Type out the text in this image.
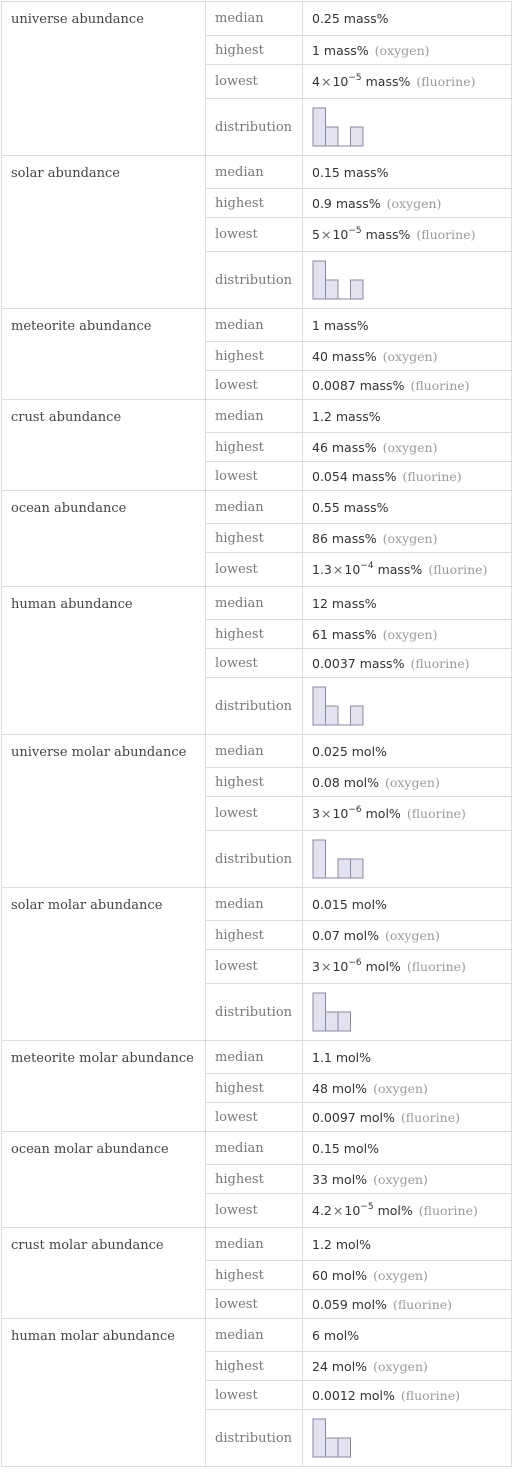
universe abundance	median	0.25 mass%
	highest	1 mass% (oxygen)
	lowest	$4\times 10^{-5}$ mass% (fluorine)
	distribution	

solar abundance	median	0.15 mass%
	highest	0.9 mass% (oxygen)
	lowest	$5\times 10^{-5}$ mass% (fluorine)
	distribution	

meteorite abundance	median	1 mass%
	highest	40 mass% (oxygen)
	lowest	0.0087 mass% (fluorine)
crust abundance	median	1.2 mass%
	highest	46 mass% (oxygen)
	lowest	0.054 mass% (fluorine)
ocean abundance	median	0.55 mass%
	highest	86 mass% (oxygen)
	lowest	$1.3\times 10^{-4}$ mass% (fluorine)
human abundance	median	12 mass%
	highest	61 mass% (oxygen)
	lowest	0.0037 mass% (fluorine)
	distribution	

universe molar abundance	median	0.025 mol%
	highest	0.08 mol% (oxygen)
	lowest	$3\times 10^{-6}$ mol% (fluorine)
	distribution	

solar molar abundance	median	0.015 mol%
	highest	0.07 mol% (oxygen)
	lowest	$3\times 10^{-6}$ mol% (fluorine)
	distribution	

meteorite molar abundance	median	1.1 mol%
	highest	48 mol% (oxygen)
	lowest	0.0097 mol% (fluorine)
ocean molar abundance	median	0.15 mol%
	highest	33 mol% (oxygen)
	lowest	$4.2\times 10^{-5}$ mol% (fluorine)
crust molar abundance	median	1.2 mol%
	highest	60 mol% (oxygen)
	lowest	0.059 mol% (fluorine)
human molar abundance	median	6 mol%
	highest	24 mol% (oxygen)
	lowest	0.0012 mol% (fluorine)
	distribution	
